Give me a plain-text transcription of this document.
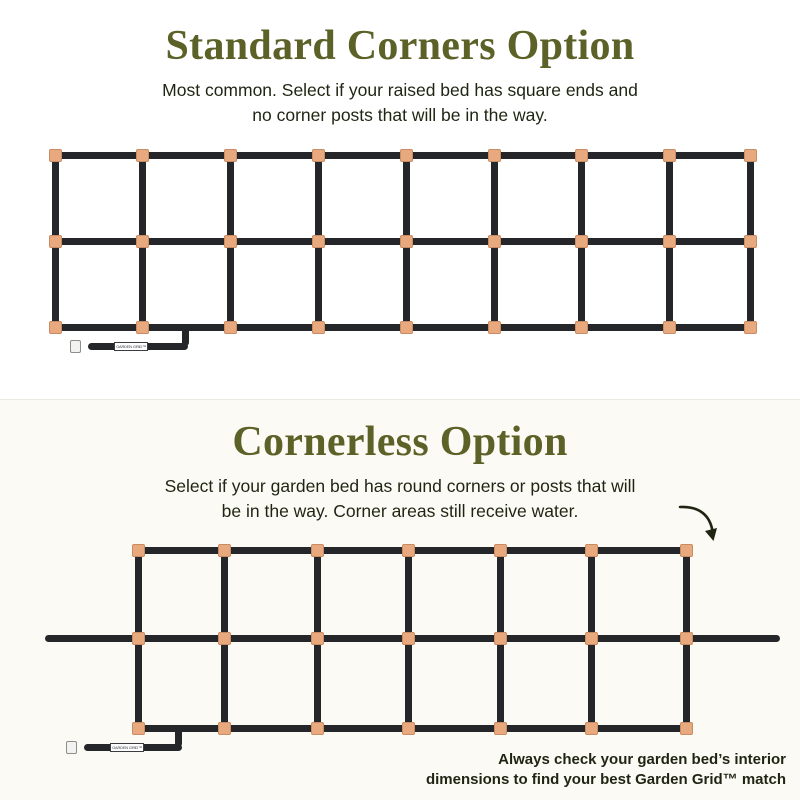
Standard Corners Option
Most common. Select if your raised bed has square ends and
no corner posts that will be in the way.
GARDEN GRID™
Cornerless Option
Select if your garden bed has round corners or posts that will
be in the way. Corner areas still receive water.
GARDEN GRID™
Always check your garden bed’s interior
dimensions to find your best Garden Grid™ match
